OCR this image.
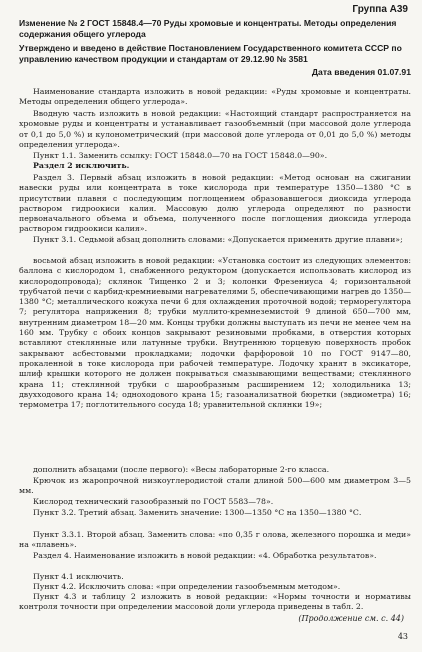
Группа А39
Изменение № 2 ГОСТ 15848.4—70 Руды хромовые и концентраты. Методы определения содержания общего углерода
Утверждено и введено в действие Постановлением Государственного комитета СССР по управлению качеством продукции и стандартам от 29.12.90 № 3581
Дата введения 01.07.91
Наименование стандарта изложить в новой редакции: «Руды хромовые и концентраты. Методы определения общего углерода».
Вводную часть изложить в новой редакции: «Настоящий стандарт распространяется на хромовые руды и концентраты и устанавливает газообъемный (при массовой доле углерода от 0,1 до 5,0 %) и кулонометрический (при массовой доле углерода от 0,01 до 5,0 %) методы определения углерода».
Пункт 1.1. Заменить ссылку: ГОСТ 15848.0—70 на ГОСТ 15848.0—90».
Раздел 2 исключить.
Раздел 3. Первый абзац изложить в новой редакции: «Метод основан на сжигании навески руды или концентрата в токе кислорода при температуре 1350—1380 °С в присутствии плавня с последующим поглощением образовавшегося диоксида углерода раствором гидроокиси калия. Массовую долю углерода определяют по разности первоначального объема и объема, полученного после поглощения диоксида углерода раствором гидроокиси калия».
Пункт 3.1. Седьмой абзац дополнить словами: «Допускается применять другие плавни»;
восьмой абзац изложить в новой редакции: «Установка состоит из следующих элементов: баллона с кислородом 1, снабженного редуктором (допускается использовать кислород из кислородопровода); склянок Тищенко 2 и 3; колонки Фрезениуса 4; горизонтальной трубчатой печи с карбид-кремниевыми нагревателями 5, обеспечивающими нагрев до 1350—1380 °С; металлического кожуха печи 6 для охлаждения проточной водой; терморегулятора 7; регулятора напряжения 8; трубки муллито-кремнеземистой 9 длиной 650—700 мм, внутренним диаметром 18—20 мм. Концы трубки должны выступать из печи не менее чем на 160 мм. Трубку с обоих концов закрывают резиновыми пробками, в отверстия которых вставляют стеклянные или латунные трубки. Внутреннюю торцевую поверхность пробок закрывают асбестовыми прокладками; лодочки фарфоровой 10 по ГОСТ 9147—80, прокаленной в токе кислорода при рабочей температуре. Лодочку хранят в эксикаторе, шлиф крышки которого не должен покрываться смазывающими веществами; стеклянного крана 11; стеклянной трубки с шарообразным расширением 12; холодильника 13; двухходового крана 14; одноходового крана 15; газоанализатной бюретки (эвдиометра) 16; термометра 17; поглотительного сосуда 18; уравнительной склянки 19»;
дополнить абзацами (после первого): «Весы лабораторные 2-го класса.
Крючок из жаропрочной низкоуглеродистой стали длиной 500—600 мм диаметром 3—5 мм.
Кислород технический газообразный по ГОСТ 5583—78».
Пункт 3.2. Третий абзац. Заменить значение: 1300—1350 °С на 1350—1380 °С.
Пункт 3.3.1. Второй абзац. Заменить слова: «по 0,35 г олова, железного порошка и меди» на «плавень».
Раздел 4. Наименование изложить в новой редакции: «4. Обработка результатов».
Пункт 4.1 исключить.
Пункт 4.2. Исключить слова: «при определении газообъемным методом».
Пункт 4.3 и таблицу 2 изложить в новой редакции: «Нормы точности и нормативы контроля точности при определении массовой доли углерода приведены в табл. 2.
(Продолжение см. с. 44)
43
